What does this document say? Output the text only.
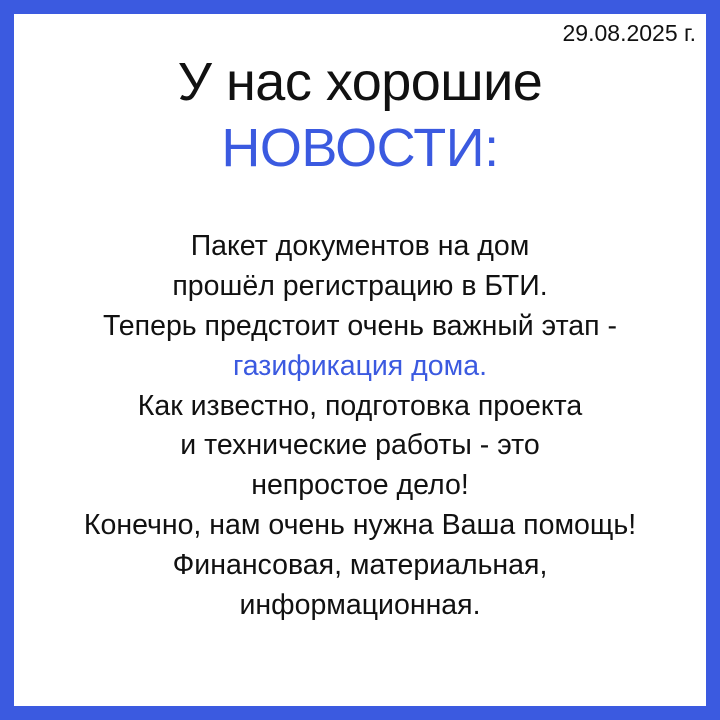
29.08.2025 г.
У нас хорошие
НОВОСТИ:
Пакет документов на дом
прошёл регистрацию в БТИ.
Теперь предстоит очень важный этап -
газификация дома.
Как известно, подготовка проекта
и технические работы - это
непростое дело!
Конечно, нам очень нужна Ваша помощь!
Финансовая, материальная,
информационная.
